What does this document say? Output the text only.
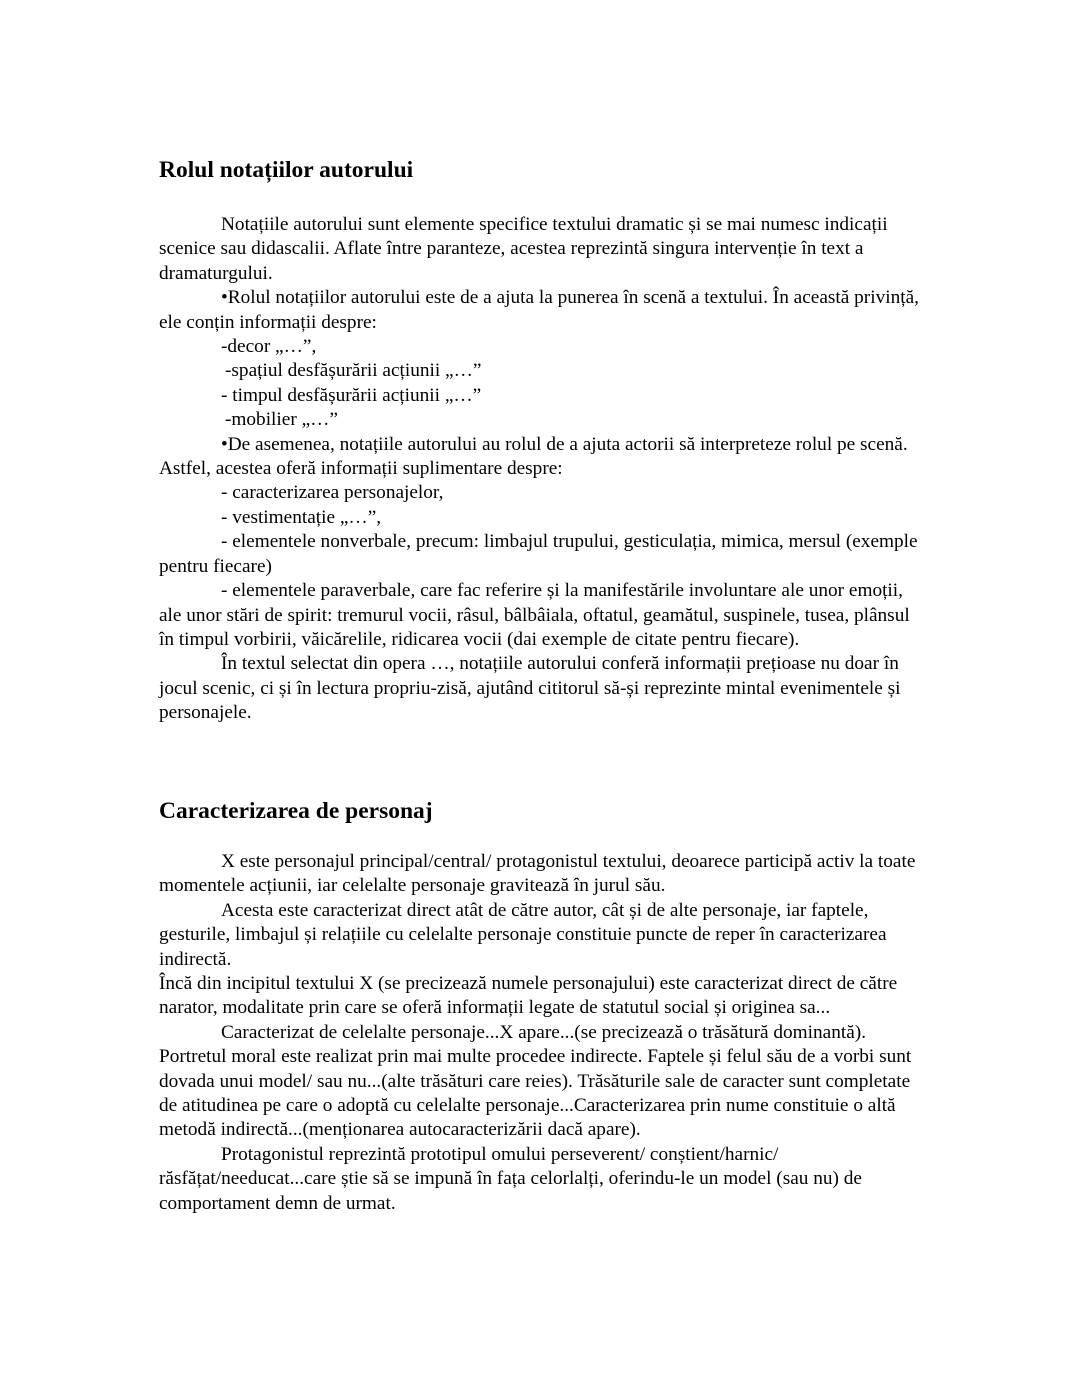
Rolul notațiilor autorului

Notațiile autorului sunt elemente specifice textului dramatic și se mai numesc indicații scenice sau didascalii. Aflate între paranteze, acestea reprezintă singura intervenție în text a dramaturgului.

•Rolul notațiilor autorului este de a ajuta la punerea în scenă a textului. În această privință, ele conțin informații despre:

-decor „…”,

-spațiul desfășurării acțiunii „…”

- timpul desfășurării acțiunii „…”

-mobilier „…”

•De asemenea, notațiile autorului au rolul de a ajuta actorii să interpreteze rolul pe scenă. Astfel, acestea oferă informații suplimentare despre:

- caracterizarea personajelor,

- vestimentație „…”,

- elementele nonverbale, precum: limbajul trupului, gesticulația, mimica, mersul (exemple pentru fiecare)

- elementele paraverbale, care fac referire și la manifestările involuntare ale unor emoții, ale unor stări de spirit: tremurul vocii, râsul, bâlbâiala, oftatul, geamătul, suspinele, tusea, plânsul în timpul vorbirii, văicărelile, ridicarea vocii (dai exemple de citate pentru fiecare).

În textul selectat din opera …, notațiile autorului conferă informații prețioase nu doar în jocul scenic, ci și în lectura propriu-zisă, ajutând cititorul să-și reprezinte mintal evenimentele și personajele.

Caracterizarea de personaj

X este personajul principal/central/ protagonistul textului, deoarece participă activ la toate momentele acțiunii, iar celelalte personaje gravitează în jurul său.

Acesta este caracterizat direct atât de către autor, cât și de alte personaje, iar faptele, gesturile, limbajul și relațiile cu celelalte personaje constituie puncte de reper în caracterizarea indirectă.

Încă din incipitul textului X (se precizează numele personajului) este caracterizat direct de către narator, modalitate prin care se oferă informații legate de statutul social și originea sa...

Caracterizat de celelalte personaje...X apare...(se precizează o trăsătură dominantă). Portretul moral este realizat prin mai multe procedee indirecte. Faptele și felul său de a vorbi sunt dovada unui model/ sau nu...(alte trăsături care reies). Trăsăturile sale de caracter sunt completate de atitudinea pe care o adoptă cu celelalte personaje...Caracterizarea prin nume constituie o altă metodă indirectă...(menționarea autocaracterizării dacă apare).

Protagonistul reprezintă prototipul omului perseverent/ conștient/harnic/ răsfățat/needucat...care știe să se impună în fața celorlalți, oferindu-le un model (sau nu) de comportament demn de urmat.
